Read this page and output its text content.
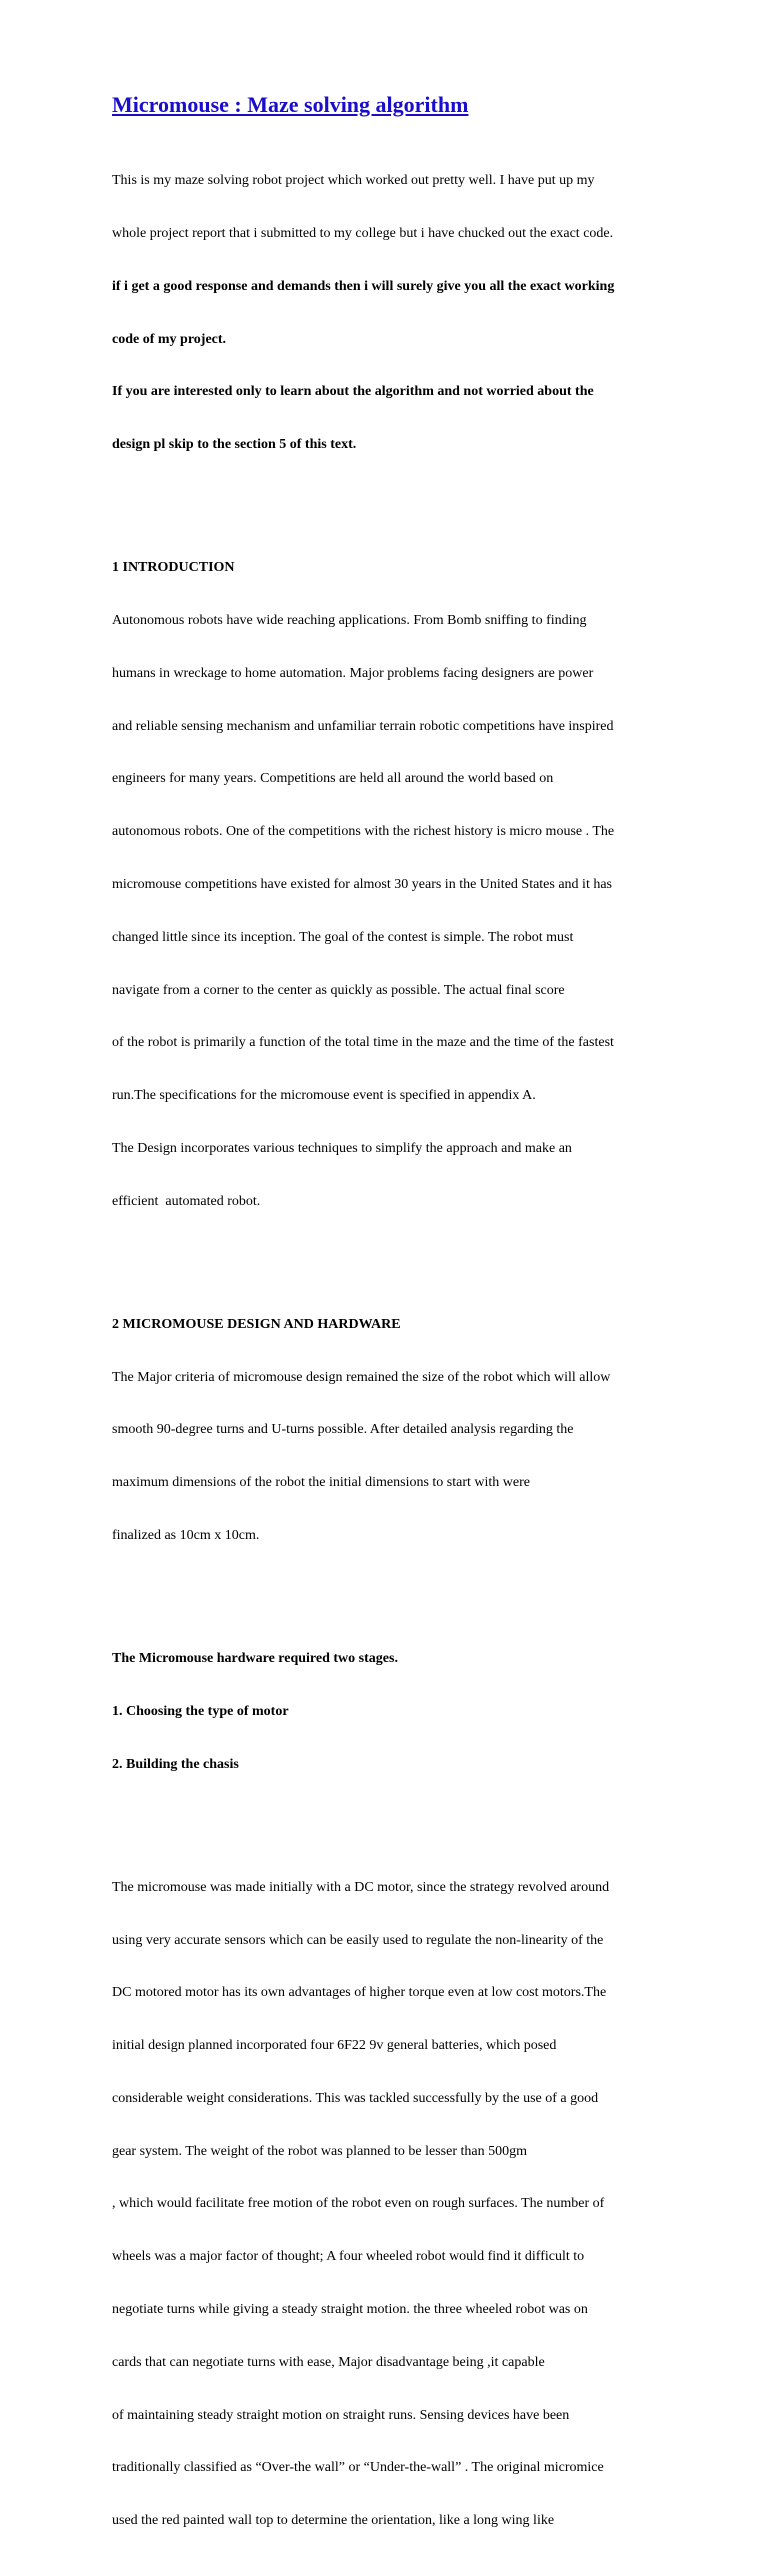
Micromouse : Maze solving algorithm

This is my maze solving robot project which worked out pretty well. I have put up my

whole project report that i submitted to my college but i have chucked out the exact code.

if i get a good response and demands then i will surely give you all the exact working

code of my project.

If you are interested only to learn about the algorithm and not worried about the

design pl skip to the section 5 of this text.

1 INTRODUCTION

Autonomous robots have wide reaching applications. From Bomb sniffing to finding

humans in wreckage to home automation. Major problems facing designers are power

and reliable sensing mechanism and unfamiliar terrain robotic competitions have inspired

engineers for many years. Competitions are held all around the world based on

autonomous robots. One of the competitions with the richest history is micro mouse . The

micromouse competitions have existed for almost 30 years in the United States and it has

changed little since its inception. The goal of the contest is simple. The robot must

navigate from a corner to the center as quickly as possible. The actual final score

of the robot is primarily a function of the total time in the maze and the time of the fastest

run.The specifications for the micromouse event is specified in appendix A.

The Design incorporates various techniques to simplify the approach and make an

efficient  automated robot.

2 MICROMOUSE DESIGN AND HARDWARE

The Major criteria of micromouse design remained the size of the robot which will allow

smooth 90-degree turns and U-turns possible. After detailed analysis regarding the

maximum dimensions of the robot the initial dimensions to start with were

finalized as 10cm x 10cm.

The Micromouse hardware required two stages.

1. Choosing the type of motor

2. Building the chasis

The micromouse was made initially with a DC motor, since the strategy revolved around

using very accurate sensors which can be easily used to regulate the non-linearity of the

DC motored motor has its own advantages of higher torque even at low cost motors.The

initial design planned incorporated four 6F22 9v general batteries, which posed

considerable weight considerations. This was tackled successfully by the use of a good

gear system. The weight of the robot was planned to be lesser than 500gm

, which would facilitate free motion of the robot even on rough surfaces. The number of

wheels was a major factor of thought; A four wheeled robot would find it difficult to

negotiate turns while giving a steady straight motion. the three wheeled robot was on

cards that can negotiate turns with ease, Major disadvantage being ,it capable

of maintaining steady straight motion on straight runs. Sensing devices have been

traditionally classified as “Over-the wall” or “Under-the-wall” . The original micromice

used the red painted wall top to determine the orientation, like a long wing like
